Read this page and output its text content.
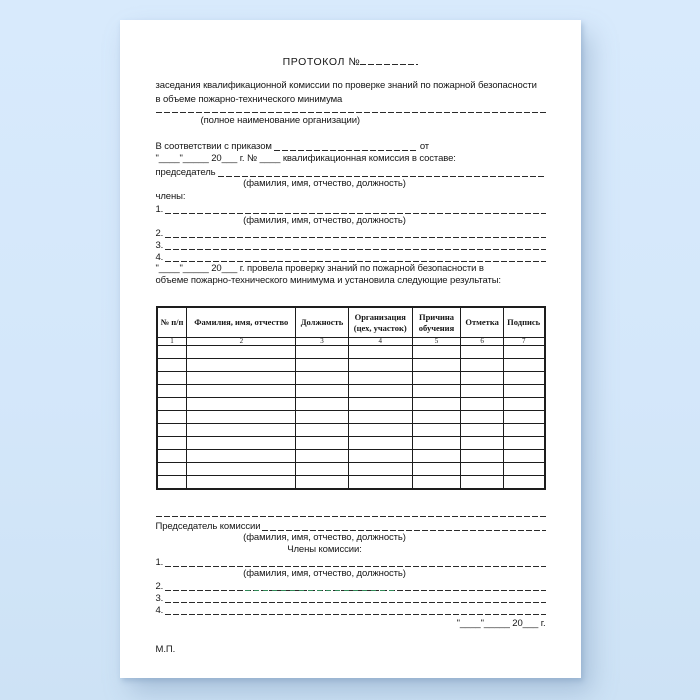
ПРОТОКОЛ №
заседания квалификационной комиссии по проверке знаний по пожарной безопасности
в объеме пожарно-технического минимума
(полное наименование организации)
В соответствии с приказом	от
"____"_____ 20___ г. № ____ квалификационная комиссия в составе:
председатель
(фамилия, имя, отчество, должность)
члены:
1.
(фамилия, имя, отчество, должность)
2.
3.
4.
"____"_____ 20___ г. провела проверку знаний по пожарной безопасности в
объеме пожарно-технического минимума и установила следующие результаты:
№ п/п	Фамилия, имя, отчество	Должность	Организация (цех, участок)	Причина обучения	Отметка	Подпись
1	2	3	4	5	6	7

Председатель комиссии
(фамилия, имя, отчество, должность)
Члены комиссии:
1.
(фамилия, имя, отчество, должность)
2.
3.
4.
"____"_____ 20___ г.
М.П.
